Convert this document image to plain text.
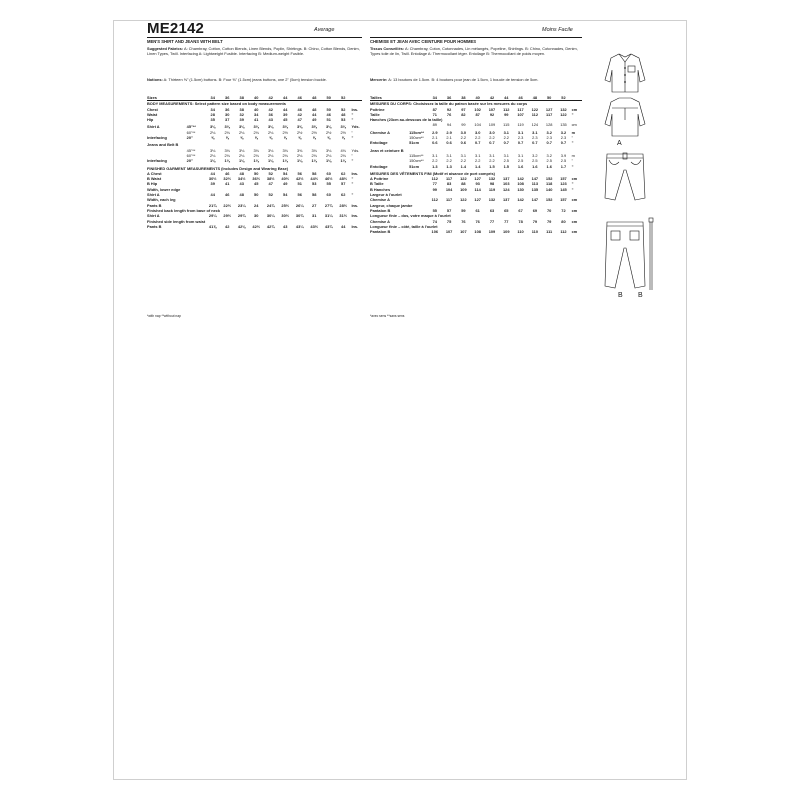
ME2142	Average	Moins Facile
MEN'S SHIRT AND JEANS WITH BELT
Suggested Fabrics: A: Chambray, Cotton, Cotton Blends, Linen Blends, Poplin, Shirtings. B: Chino, Cotton Blends, Denim, Linen Types, Twill. Interfacing A: Lightweight Fusible. Interfacing B: Medium-weight Fusible.
Notions: A: Thirteen ⅝" (1.5cm) buttons. B: Four ⅝" (1.5cm) jeans buttons, one 2" (5cm) tension buckle.
Sizes		34	36	38	40	42	44	46	48	50	52	
BODY MEASUREMENTS: Select pattern size based on body measurements												
Chest		34	36	38	40	42	44	46	48	50	52	Ins.
Waist		28	30	32	34	36	39	42	44	46	48	"
Hip		35	37	39	41	43	45	47	49	51	53	"

Shirt A	45"**	3⅛	3⅛	3⅛	3⅛	3⅛	3⅛	3⅜	3⅜	3⅛	3⅛	Yds.
	60"**	2⅛	2⅛	2⅛	2⅛	2⅛	2½	2½	2½	2½	2½	"
Interfacing	20"	⅝	⅝	⅝	⅝	⅝	⅝	⅝	⅝	⅝	⅝	"

Jeans and Belt B												
	45"**	3⅛	3⅛	3⅛	3⅛	3⅛	3⅛	3⅜	3⅛	3⅛	4⅛	Yds.
	60"**	2⅛	2⅛	2⅛	2⅛	2⅛	2⅛	2⅛	2⅛	2⅛	2⅛	"
Interfacing	20"	1⅛	1⅛	1⅛	1⅛	1⅛	1⅛	1⅛	1⅛	1⅛	1⅛	"

FINISHED GARMENT MEASUREMENTS (Includes Design and Wearing Ease)												
A Chest		44	46	48	50	52	54	56	58	60	62	Ins.
B Waist		30½	32½	34½	36½	38½	40½	42½	44½	46½	48½	"
B Hip		39	41	43	45	47	49	51	53	55	57	"
Width, lower edge												
Shirt A		44	46	48	50	52	54	56	58	60	62	"
Width, each leg												
Pants B		21¾	22½	23¼	24	24¾	25½	26¼	27	27¾	28½	Ins.
Finished back length from base of neck												
Shirt A		29¼	29½	29¾	30	30¼	30½	30¾	31	31¼	31½	Ins.
Finished side length from waist												
Pants B		41⅞	42	42⅛	42½	42¾	43	43¼	43½	43¾	44	Ins.
*with nap **without nap
CHEMISE ET JEAN AVEC CEINTURE POUR HOMMES
Tissus Conseillés: A: Chambray, Coton, Cotonnades, Lin mélangés, Popeline, Shirtings. B: Chino, Cotonnades, Denim, Types toile de lin, Twill. Entoilage A: Thermocollant léger. Entoilage B: Thermocollant de poids moyen.
Mercerie: A: 13 boutons de 1.5cm. B: 4 boutons pour jean de 1.5cm, 1 boucle de tension de 5cm.
Tailles		34	36	38	40	42	44	46	48	50	52	
MESURES DU CORPS: Choisissez la taille du patron basée sur les mesures du corps												
Poitrine		87	92	97	102	107	112	117	122	127	132	cm
Taille		71	76	82	87	92	99	107	112	117	122	"
Hanches (23cm au-dessous de la taille)												
		89	94	99	104	109	115	119	124	128	135	cm

Chemise A	115cm**	2.9	2.9	3.0	3.0	3.0	3.1	3.1	3.1	3.2	3.2	m
	150cm**	2.1	2.1	2.2	2.2	2.2	2.2	2.3	2.3	2.3	2.3	"
Entoilage	51cm	0.6	0.6	0.6	0.7	0.7	0.7	0.7	0.7	0.7	0.7	"

Jean et ceinture B												
	115cm**	3.1	3.1	3.1	3.1	3.1	3.1	3.1	3.2	3.2	3.9	m
	150cm**	2.2	2.2	2.2	2.2	2.2	2.5	2.5	2.5	2.5	2.5	"
Entoilage	51cm	1.3	1.3	1.4	1.4	1.5	1.5	1.6	1.6	1.6	1.7	"

MESURES DES VÊTEMENTS FINI (Motif et aisance de port compris)												
A Poitrine		112	117	122	127	132	137	142	147	152	157	cm
B Taille		77	83	88	93	98	103	108	113	118	123	"
B Hanches		99	104	109	114	119	124	130	135	140	145	"
Largeur à l'ourlet												
Chemise A		112	117	122	127	132	137	142	147	152	157	cm
Largeur, chaque jambe												
Pantalon B		55	57	59	61	63	65	67	69	70	72	cm
Longueur finie – dos, votre maque à l'ourlet												
Chemise A		74	75	76	76	77	77	78	79	79	80	cm
Longueur finie – côté, taille à l'ourlet												
Pantalon B		106	107	107	108	109	109	110	110	111	112	cm
*avec sens **sans sens
A
B B
